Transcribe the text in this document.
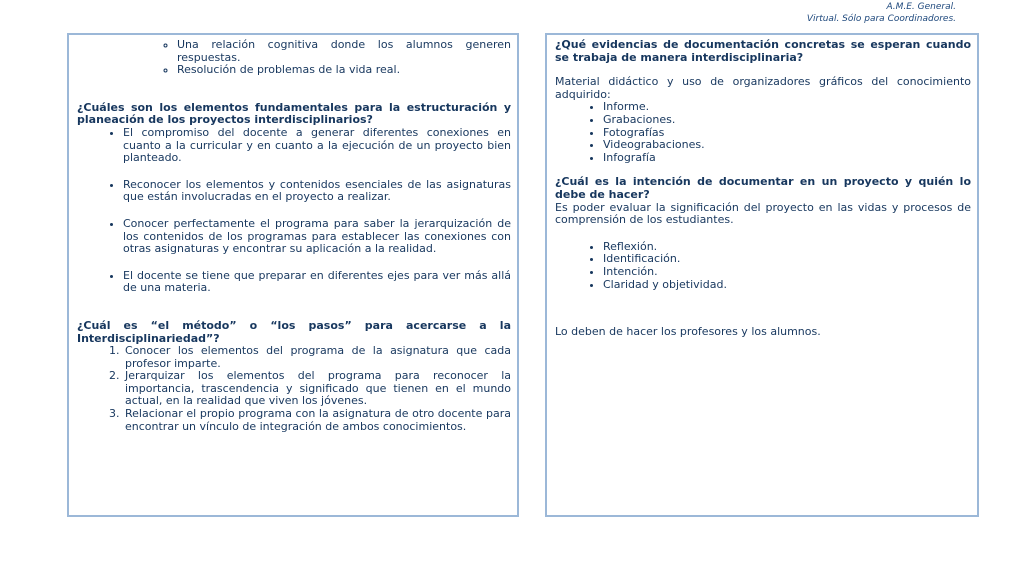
A.M.E. General.
Virtual. Sólo para Coordinadores.
◦ Una relación cognitiva donde los alumnos generen respuestas.
◦ Resolución de problemas de la vida real.

¿Cuáles son los elementos fundamentales para la estructuración y planeación de los proyectos interdisciplinarios?

• El compromiso del docente a generar diferentes conexiones en cuanto a la curricular y en cuanto a la ejecución de un proyecto bien planteado.
• Reconocer los elementos y contenidos esenciales de las asignaturas que están involucradas en el proyecto a realizar.
• Conocer perfectamente el programa para saber la jerarquización de los contenidos de los programas para establecer las conexiones con otras asignaturas y encontrar su aplicación a la realidad.
• El docente se tiene que preparar en diferentes ejes para ver más allá de una materia.

¿Cuál es “el método” o “los pasos” para acercarse a la Interdisciplinariedad”?

1. Conocer los elementos del programa de la asignatura que cada profesor imparte.
2. Jerarquizar los elementos del programa para reconocer la importancia, trascendencia y significado que tienen en el mundo actual, en la realidad que viven los jóvenes.
3. Relacionar el propio programa con la asignatura de otro docente para encontrar un vínculo de integración de ambos conocimientos.

¿Qué evidencias de documentación concretas se esperan cuando se trabaja de manera interdisciplinaria?

Material didáctico y uso de organizadores gráficos del conocimiento adquirido:

• Informe.
• Grabaciones.
• Fotografías
• Videograbaciones.
• Infografía

¿Cuál es la intención de documentar en un proyecto y quién lo debe de hacer?

Es poder evaluar la significación del proyecto en las vidas y procesos de comprensión de los estudiantes.

• Reflexión.
• Identificación.
• Intención.
• Claridad y objetividad.

Lo deben de hacer los profesores y los alumnos.
